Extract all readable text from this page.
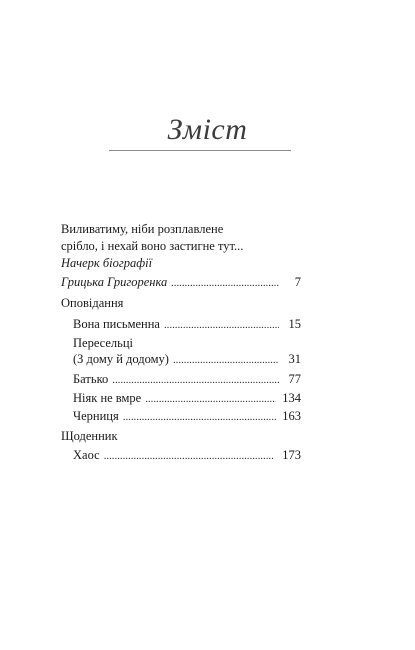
Зміст
Виливатиму, ніби розплавлене
срібло, і нехай воно застигне тут...
Начерк біографії
Грицька Григоренка . . .	7
Оповідання
Вона письменна . . .	15
Пересельці
(З дому й додому) . . .	31
Батько . . .	77
Ніяк не вмре . . .	134
Черниця . . .	163
Щоденник
Хаос . . .	173
